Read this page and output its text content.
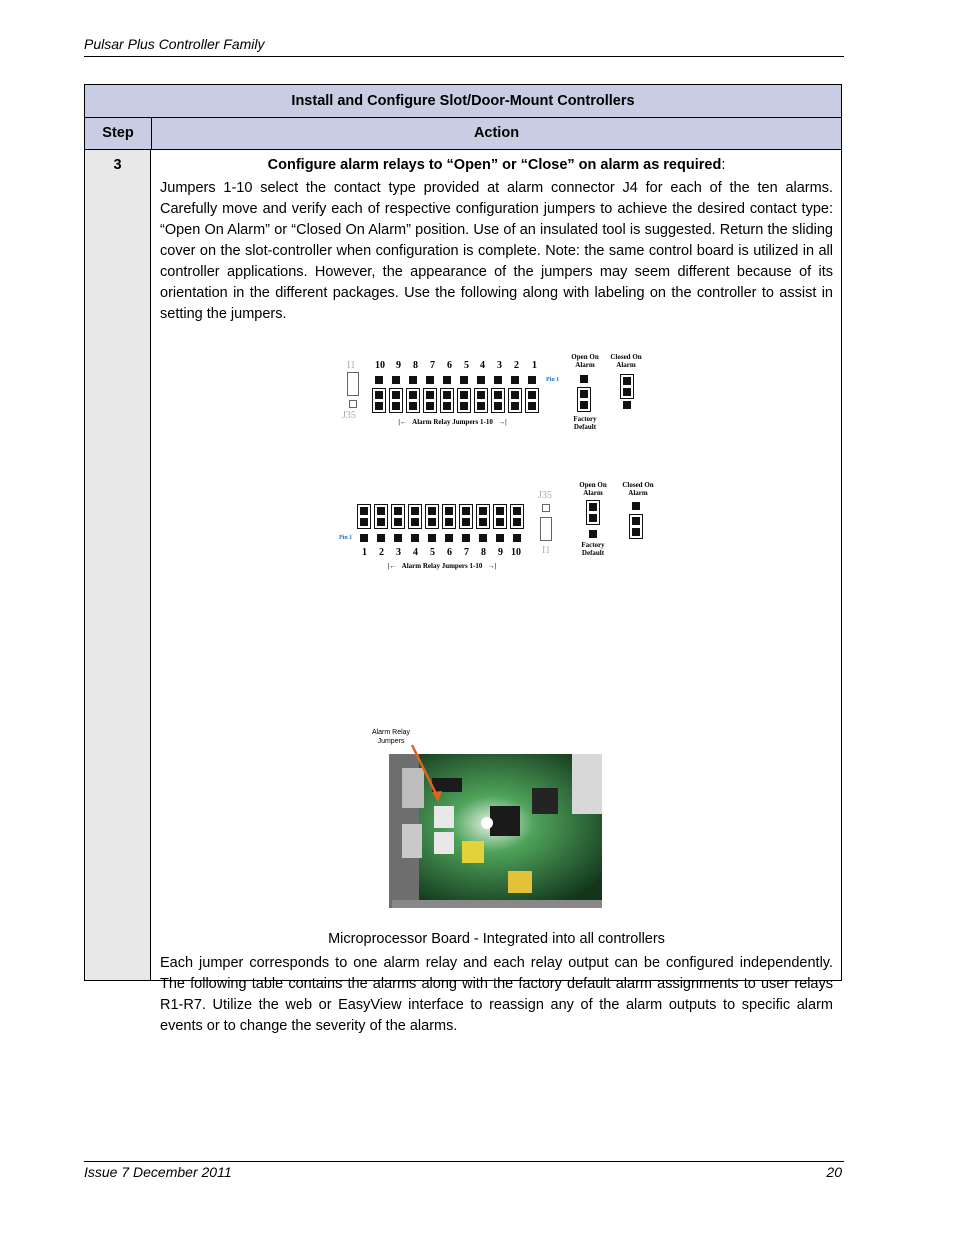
Pulsar Plus Controller Family
Install and Configure Slot/Door-Mount Controllers
Step	Action
3	Configure alarm relays to “Open” or “Close” on alarm as required:
Jumpers 1-10 select the contact type provided at alarm connector J4 for each of the ten alarms. Carefully move and verify each of respective configuration jumpers to achieve the desired contact type: “Open On Alarm” or “Closed On Alarm” position. Use of an insulated tool is suggested. Return the sliding cover on the slot-controller when configuration is complete. Note: the same control board is utilized in all controller applications. However, the appearance of the jumpers may seem different because of its orientation in the different packages. Use the following along with labeling on the controller to assist in setting the jumpers.
I1
J35
10 9 8 7 6 5 4 3 2 1
Pin 1
|←   Alarm Relay Jumpers 1-10   →|
Open On Alarm
Closed On Alarm
Factory Default
Pin 1
1 2 3 4 5 6 7 8 9 10
J35
I1
|←   Alarm Relay Jumpers 1-10   →|
Open On Alarm
Closed On Alarm
Factory Default
Alarm Relay Jumpers
Microprocessor Board - Integrated into all controllers
Each jumper corresponds to one alarm relay and each relay output can be configured independently. The following table contains the alarms along with the factory default alarm assignments to user relays R1-R7. Utilize the web or EasyView interface to reassign any of the alarm outputs to specific alarm events or to change the severity of the alarms.
Issue 7 December 2011	20
